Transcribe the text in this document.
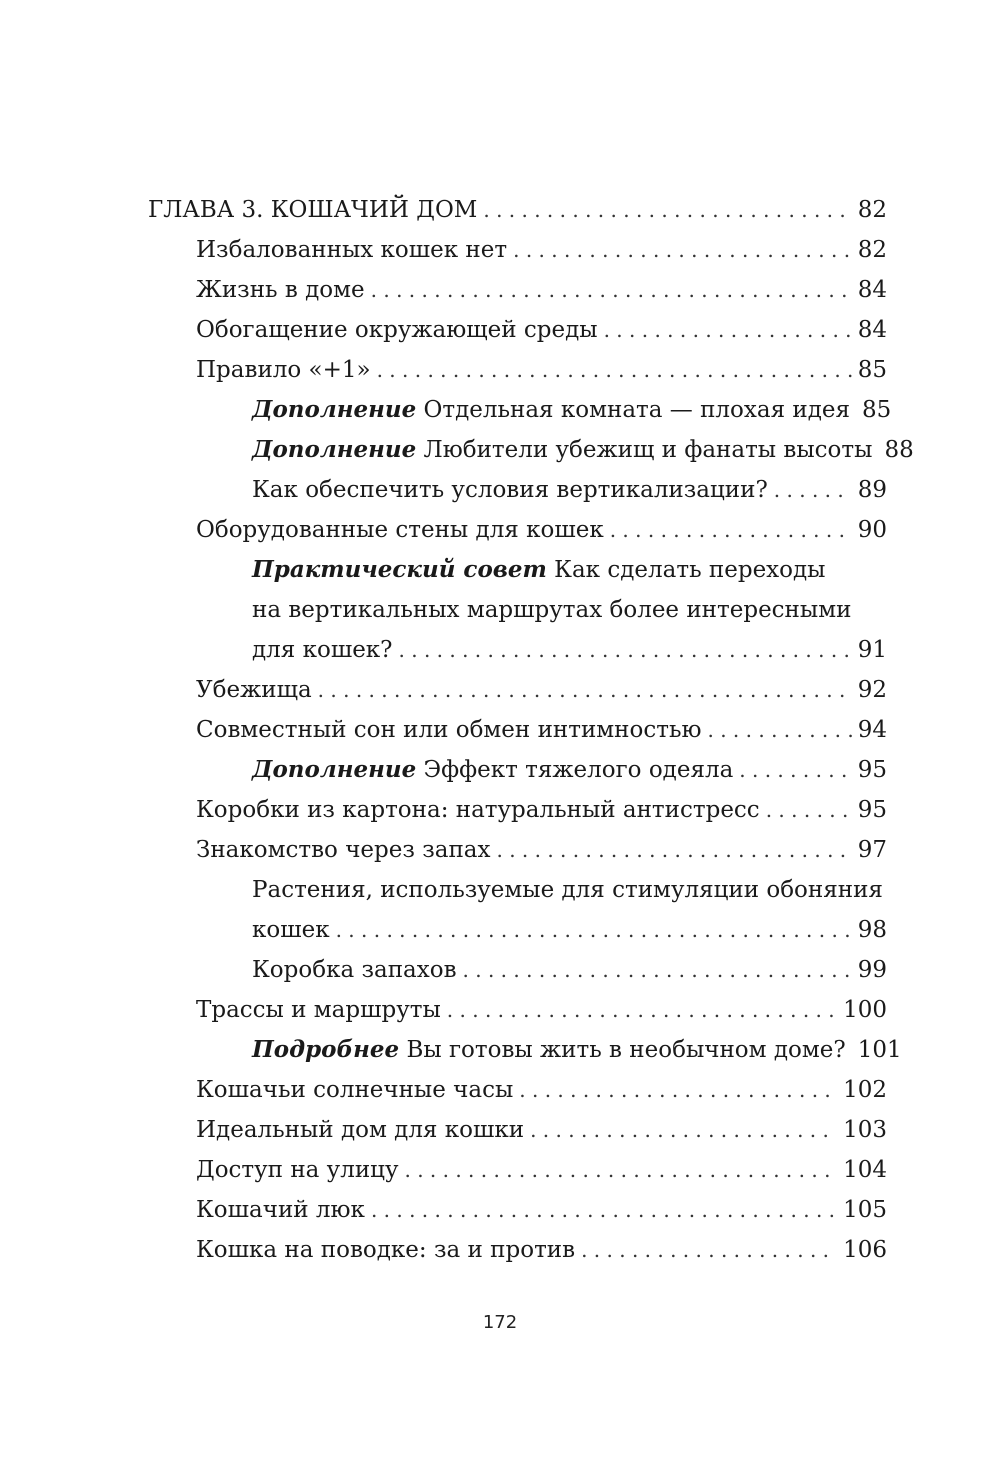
ГЛАВА 3. КОШАЧИЙ ДОМ . . .	82
Избалованных кошек нет . . .	82
Жизнь в доме . . .	84
Обогащение окружающей среды . . .	84
Правило «+1» . . .	85
Дополнение Отдельная комната — плохая идея 85
Дополнение Любители убежищ и фанаты высоты 88
Как обеспечить условия вертикализации? . . .	89
Оборудованные стены для кошек . . .	90
Практический совет Как сделать переходы
на вертикальных маршрутах более интересными
для кошек? . . .	91
Убежища . . .	92
Совместный сон или обмен интимностью . . .	94
Дополнение Эффект тяжелого одеяла . . .	95
Коробки из картона: натуральный антистресс . . .	95
Знакомство через запах . . .	97
Растения, используемые для стимуляции обоняния
кошек . . .	98
Коробка запахов . . .	99
Трассы и маршруты . . .	100
Подробнее Вы готовы жить в необычном доме? 101
Кошачьи солнечные часы . . .	102
Идеальный дом для кошки . . .	103
Доступ на улицу . . .	104
Кошачий люк . . .	105
Кошка на поводке: за и против . . .	106
172
